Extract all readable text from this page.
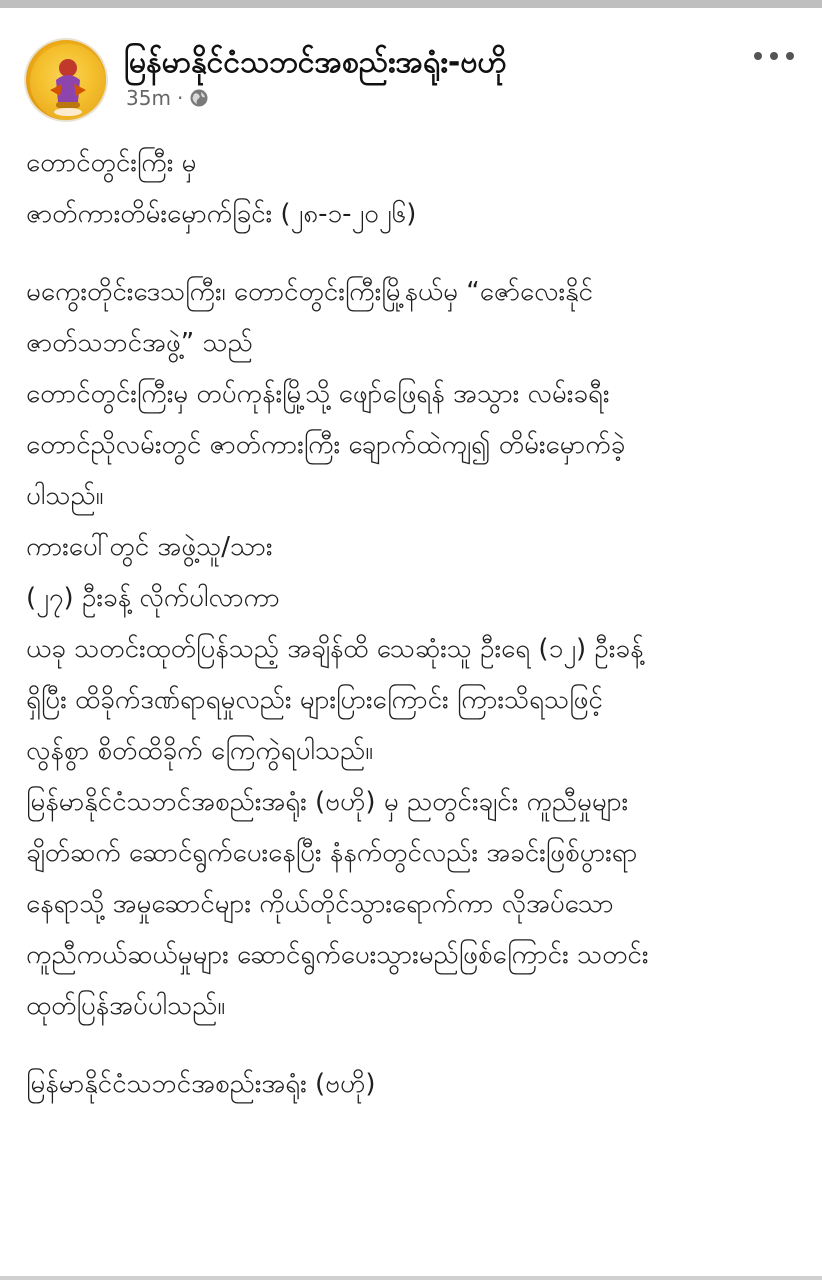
မြန်မာနိုင်ငံသဘင်အစည်းအရုံး-ဗဟို
35m ·
တောင်တွင်းကြီး မှ
ဇာတ်ကားတိမ်းမှောက်ခြင်း (၂၈-၁-၂၀၂၆)
မကွေးတိုင်းဒေသကြီး၊ တောင်တွင်းကြီးမြို့နယ်မှ “ဇော်လေးနိုင်
ဇာတ်သဘင်အဖွဲ့” သည်
တောင်တွင်းကြီးမှ တပ်ကုန်းမြို့သို့ ဖျော်ဖြေရန် အသွား လမ်းခရီး
တောင်ညိုလမ်းတွင် ဇာတ်ကားကြီး ချောက်ထဲကျ၍ တိမ်းမှောက်ခဲ့
ပါသည်။
ကားပေါ်တွင် အဖွဲ့သူ/သား
(၂၇) ဦးခန့် လိုက်ပါလာကာ
ယခု သတင်းထုတ်ပြန်သည့် အချိန်ထိ သေဆုံးသူ ဦးရေ (၁၂) ဦးခန့်
ရှိပြီး ထိခိုက်ဒဏ်ရာရမှုလည်း များပြားကြောင်း ကြားသိရသဖြင့်
လွန်စွာ စိတ်ထိခိုက် ကြေကွဲရပါသည်။
မြန်မာနိုင်ငံသဘင်အစည်းအရုံး (ဗဟို) မှ ညတွင်းချင်း ကူညီမှုများ
ချိတ်ဆက် ဆောင်ရွက်ပေးနေပြီး နံနက်တွင်လည်း အခင်းဖြစ်ပွားရာ
နေရာသို့ အမှုဆောင်များ ကိုယ်တိုင်သွားရောက်ကာ လိုအပ်သော
ကူညီကယ်ဆယ်မှုများ ဆောင်ရွက်ပေးသွားမည်ဖြစ်ကြောင်း သတင်း
ထုတ်ပြန်အပ်ပါသည်။
မြန်မာနိုင်ငံသဘင်အစည်းအရုံး (ဗဟို)
